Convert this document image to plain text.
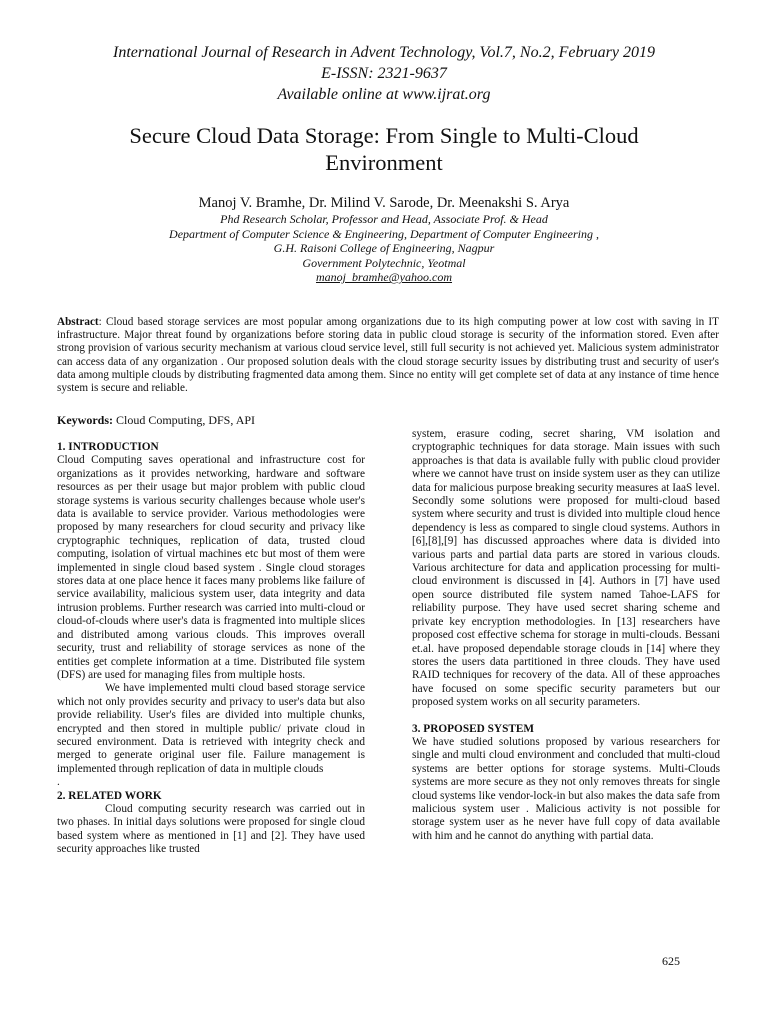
International Journal of Research in Advent Technology, Vol.7, No.2, February 2019
E-ISSN: 2321-9637
Available online at www.ijrat.org
Secure Cloud Data Storage: From Single to Multi-Cloud
Environment
Manoj V. Bramhe, Dr. Milind V. Sarode, Dr. Meenakshi S. Arya
Phd Research Scholar, Professor and Head, Associate Prof. & Head
Department of Computer Science & Engineering, Department of Computer Engineering ,
G.H. Raisoni College of Engineering, Nagpur
Government Polytechnic, Yeotmal
manoj_bramhe@yahoo.com
Abstract: Cloud based storage services are most popular among organizations due to its high computing power at low cost with saving in IT infrastructure. Major threat found by organizations before storing data in public cloud storage is security of the information stored. Even after strong provision of various security mechanism at various cloud service level, still full security is not achieved yet. Malicious system administrator can access data of any organization . Our proposed solution deals with the cloud storage security issues by distributing trust and security of user's data among multiple clouds by distributing fragmented data among them. Since no entity will get complete set of data at any instance of time hence system is secure and reliable.
Keywords: Cloud Computing, DFS, API

1. INTRODUCTION

Cloud Computing saves operational and infrastructure cost for organizations as it provides networking, hardware and software resources as per their usage but major problem with public cloud storage systems is various security challenges because whole user's data is available to service provider. Various methodologies were proposed by many researchers for cloud security and privacy like cryptographic techniques, replication of data, trusted cloud computing, isolation of virtual machines etc but most of them were implemented in single cloud based system . Single cloud storages stores data at one place hence it faces many problems like failure of service availability, malicious system user, data integrity and data intrusion problems. Further research was carried into multi-cloud or cloud-of-clouds where user's data is fragmented into multiple slices and distributed among various clouds. This improves overall security, trust and reliability of storage services as none of the entities get complete information at a time. Distributed file system (DFS) are used for managing files from multiple hosts.

We have implemented multi cloud based storage service which not only provides security and privacy to user's data but also provide reliability. User's files are divided into multiple chunks, encrypted and then stored in multiple public/ private cloud in secured environment. Data is retrieved with integrity check and merged to generate original user file. Failure management is implemented through replication of data in multiple clouds

.

2. RELATED WORK

Cloud computing security research was carried out in two phases. In initial days solutions were proposed for single cloud based system where as mentioned in [1] and [2]. They have used security approaches like trusted

system, erasure coding, secret sharing, VM isolation and cryptographic techniques for data storage. Main issues with such approaches is that data is available fully with public cloud provider where we cannot have trust on inside system user as they can utilize data for malicious purpose breaking security measures at IaaS level. Secondly some solutions were proposed for multi-cloud based system where security and trust is divided into multiple cloud hence dependency is less as compared to single cloud systems. Authors in [6],[8],[9] has discussed approaches where data is divided into various parts and partial data parts are stored in various clouds. Various architecture for data and application processing for multi-cloud environment is discussed in [4]. Authors in [7] have used open source distributed file system named Tahoe-LAFS for reliability purpose. They have used secret sharing scheme and private key encryption methodologies. In [13] researchers have proposed cost effective schema for storage in multi-clouds. Bessani et.al. have proposed dependable storage clouds in [14] where they stores the users data partitioned in three clouds. They have used RAID techniques for recovery of the data. All of these approaches have focused on some specific security parameters but our proposed system works on all security parameters.

3. PROPOSED SYSTEM

We have studied solutions proposed by various researchers for single and multi cloud environment and concluded that multi-cloud systems are better options for storage systems. Multi-Clouds systems are more secure as they not only removes threats for single cloud systems like vendor-lock-in but also makes the data safe from malicious system user . Malicious activity is not possible for storage system user as he never have full copy of data available with him and he cannot do anything with partial data.

625
